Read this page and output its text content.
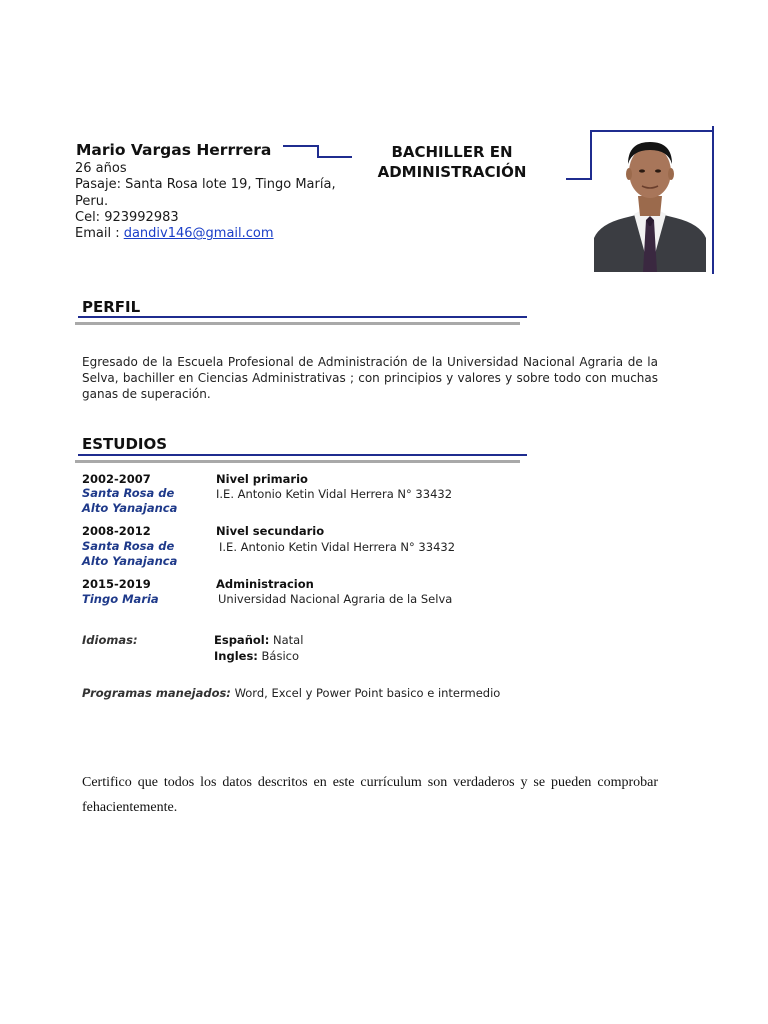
Mario Vargas Herrrera
26 años
Pasaje: Santa Rosa lote 19, Tingo María,
Peru.
Cel: 923992983
Email : dandiv146@gmail.com
BACHILLER EN
ADMINISTRACIÓN
PERFIL
Egresado de la Escuela Profesional de Administración de la Universidad Nacional Agraria de la Selva, bachiller en Ciencias Administrativas ; con principios y valores y sobre todo con muchas ganas de superación.
ESTUDIOS
2002-2007
Santa Rosa de
Alto Yanajanca
Nivel primario
I.E. Antonio Ketin Vidal Herrera N° 33432
2008-2012
Santa Rosa de
Alto Yanajanca
Nivel secundario
I.E. Antonio Ketin Vidal Herrera N° 33432
2015-2019
Tingo Maria
Administracion
Universidad Nacional Agraria de la Selva
Idiomas:	Español: Natal
Ingles: Básico
Programas manejados: Word, Excel y Power Point basico e intermedio
Certifico que todos los datos descritos en este currículum son verdaderos y se pueden comprobar fehacientemente.
